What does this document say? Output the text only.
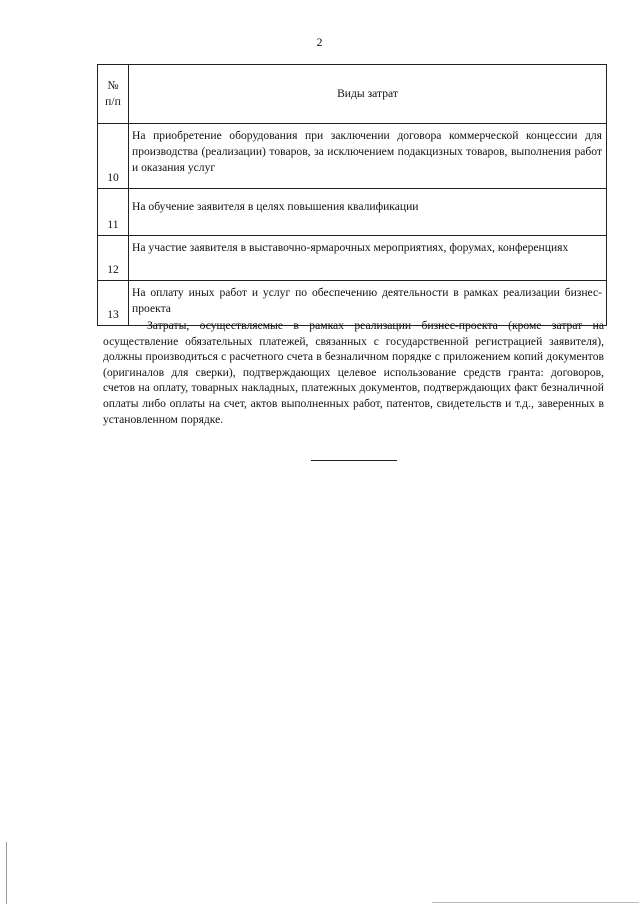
2
№
п/п	Виды затрат
10	На приобретение оборудования при заключении договора коммерческой концессии для производства (реализации) товаров, за исключением подакцизных товаров, выполнения работ и оказания услуг
11	На обучение заявителя в целях повышения квалификации
12	На участие заявителя в выставочно-ярмарочных мероприятиях, форумах, конференциях
13	На оплату иных работ и услуг по обеспечению деятельности в рамках реализации бизнес-проекта

Затраты, осуществляемые в рамках реализации бизнес-проекта (кроме затрат на осуществление обязательных платежей, связанных с государственной регистрацией заявителя), должны производиться с расчетного счета в безналичном порядке с приложением копий документов (оригиналов для сверки), подтверждающих целевое использование средств гранта: договоров, счетов на оплату, товарных накладных, платежных документов, подтверждающих факт безналичной оплаты либо оплаты на счет, актов выполненных работ, патентов, свидетельств и т.д., заверенных в установленном порядке.
